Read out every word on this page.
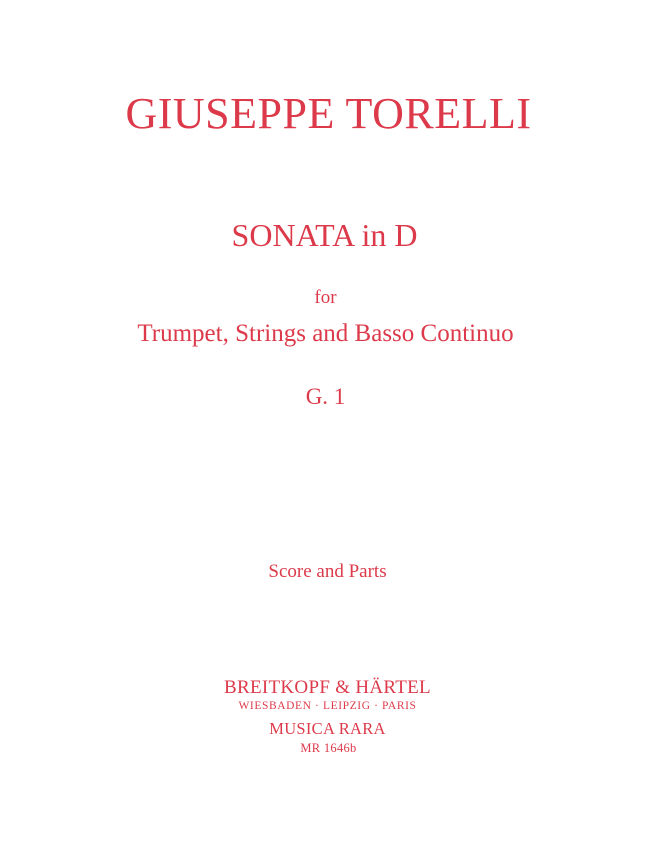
GIUSEPPE TORELLI
SONATA in D
for
Trumpet, Strings and Basso Continuo
G. 1
Score and Parts
BREITKOPF & HÄRTEL
WIESBADEN · LEIPZIG · PARIS
MUSICA RARA
MR 1646b
